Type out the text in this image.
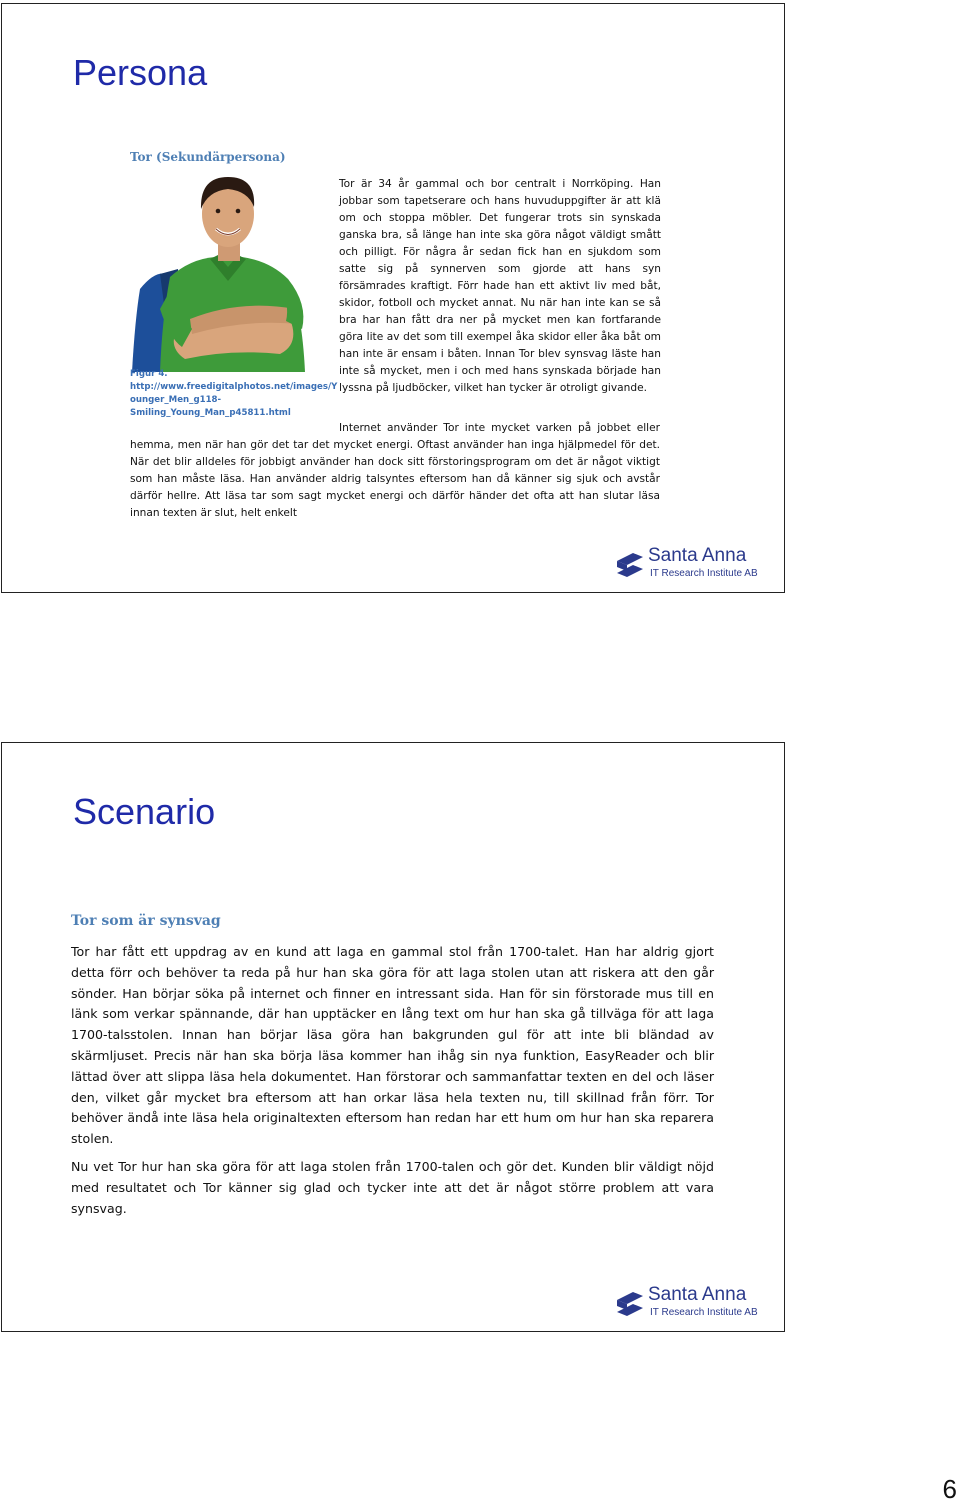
Persona
Tor (Sekundärpersona)
Figur 4.
http://www.freedigitalphotos.net/images/Y
ounger_Men_g118-
Smiling_Young_Man_p45811.html
Tor är 34 år gammal och bor centralt i Norrköping. Han jobbar som tapetserare och hans huvuduppgifter är att klä om och stoppa möbler. Det fungerar trots sin synskada ganska bra, så länge han inte ska göra något väldigt smått och pilligt. För några år sedan fick han en sjukdom som satte sig på synnerven som gjorde att hans syn försämrades kraftigt. Förr hade han ett aktivt liv med båt, skidor, fotboll och mycket annat. Nu när han inte kan se så bra har han fått dra ner på mycket men kan fortfarande göra lite av det som till exempel åka skidor eller åka båt om han inte är ensam i båten. Innan Tor blev synsvag läste han inte så mycket, men i och med hans synskada började han lyssna på ljudböcker, vilket han tycker är otroligt givande.
Internet använder Tor inte mycket varken på jobbet eller hemma, men när han gör det tar det mycket energi. Oftast använder han inga hjälpmedel för det. När det blir alldeles för jobbigt använder han dock sitt förstoringsprogram om det är något viktigt som han måste läsa. Han använder aldrig talsyntes eftersom han då känner sig sjuk och avstår därför hellre. Att läsa tar som sagt mycket energi och därför händer det ofta att han slutar läsa innan texten är slut, helt enkelt
Santa Anna
IT Research Institute AB
Scenario
Tor som är synsvag
Tor har fått ett uppdrag av en kund att laga en gammal stol från 1700-talet. Han har aldrig gjort detta förr och behöver ta reda på hur han ska göra för att laga stolen utan att riskera att den går sönder. Han börjar söka på internet och finner en intressant sida. Han för sin förstorade mus till en länk som verkar spännande, där han upptäcker en lång text om hur han ska gå tillväga för att laga 1700-talsstolen. Innan han börjar läsa göra han bakgrunden gul för att inte bli bländad av skärmljuset. Precis när han ska börja läsa kommer han ihåg sin nya funktion, EasyReader och blir lättad över att slippa läsa hela dokumentet. Han förstorar och sammanfattar texten en del och läser den, vilket går mycket bra eftersom att han orkar läsa hela texten nu, till skillnad från förr. Tor behöver ändå inte läsa hela originaltexten eftersom han redan har ett hum om hur han ska reparera stolen.
Nu vet Tor hur han ska göra för att laga stolen från 1700-talen och gör det. Kunden blir väldigt nöjd med resultatet och Tor känner sig glad och tycker inte att det är något större problem att vara synsvag.
Santa Anna
IT Research Institute AB
6
